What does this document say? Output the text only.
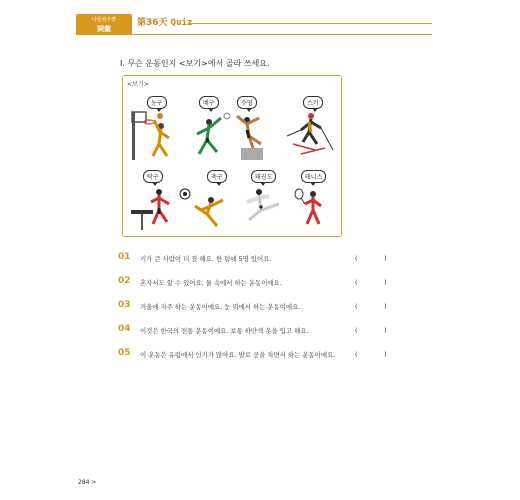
나들광주말
詞彙
第36天 Quiz
Ⅰ. 무슨 운동인지 <보기>에서 골라 쓰세요.
<보기>
농구	배구	수영	스키
탁구	축구	태권도	테니스
01 키가 큰 사람이 더 잘 해요. 한 팀에 5명 있어요.	(	)
02 혼자서도 할 수 있어요. 물 속에서 하는 운동이에요.	(	)
03 겨울에 자주 하는 운동이에요. 눈 위에서 하는 운동이에요.	(	)
04 이것은 한국의 전통 운동이에요. 보통 하얀색 옷을 입고 해요.	(	)
05 이 운동은 유럽에서 인기가 많아요. 발로 공을 차면서 하는 운동이에요.	(	)
284 >
